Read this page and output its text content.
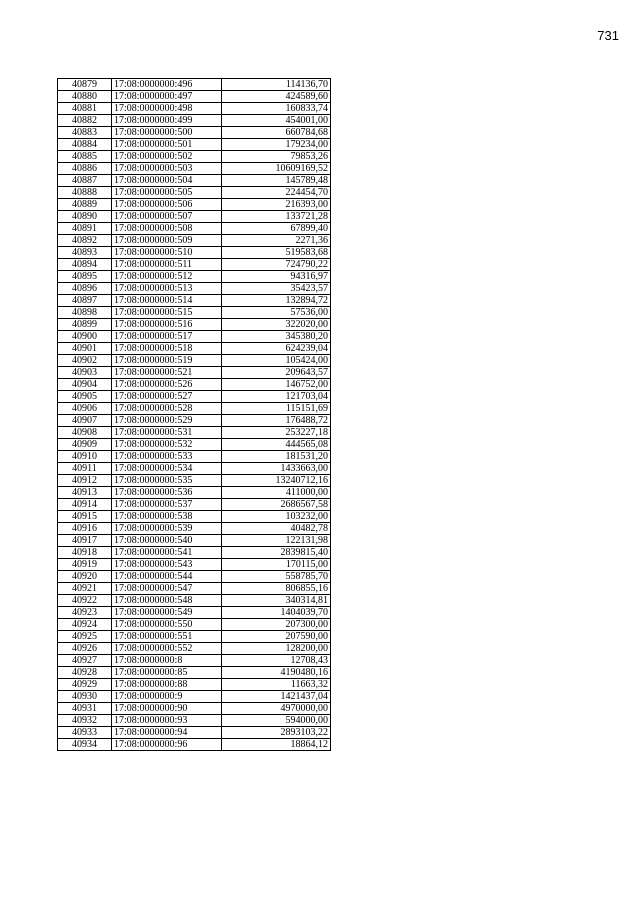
731
40879	17:08:0000000:496	114136,70
40880	17:08:0000000:497	424589,60
40881	17:08:0000000:498	160833,74
40882	17:08:0000000:499	454001,00
40883	17:08:0000000:500	660784,68
40884	17:08:0000000:501	179234,00
40885	17:08:0000000:502	79853,26
40886	17:08:0000000:503	10609169,52
40887	17:08:0000000:504	145789,48
40888	17:08:0000000:505	224454,70
40889	17:08:0000000:506	216393,00
40890	17:08:0000000:507	133721,28
40891	17:08:0000000:508	67899,40
40892	17:08:0000000:509	2271,36
40893	17:08:0000000:510	519583,68
40894	17:08:0000000:511	724790,22
40895	17:08:0000000:512	94316,97
40896	17:08:0000000:513	35423,57
40897	17:08:0000000:514	132894,72
40898	17:08:0000000:515	57536,00
40899	17:08:0000000:516	322020,00
40900	17:08:0000000:517	345380,20
40901	17:08:0000000:518	624239,04
40902	17:08:0000000:519	105424,00
40903	17:08:0000000:521	209643,57
40904	17:08:0000000:526	146752,00
40905	17:08:0000000:527	121703,04
40906	17:08:0000000:528	115151,69
40907	17:08:0000000:529	176488,72
40908	17:08:0000000:531	253227,18
40909	17:08:0000000:532	444565,08
40910	17:08:0000000:533	181531,20
40911	17:08:0000000:534	1433663,00
40912	17:08:0000000:535	13240712,16
40913	17:08:0000000:536	411000,00
40914	17:08:0000000:537	2686567,58
40915	17:08:0000000:538	103232,00
40916	17:08:0000000:539	40482,78
40917	17:08:0000000:540	122131,98
40918	17:08:0000000:541	2839815,40
40919	17:08:0000000:543	170115,00
40920	17:08:0000000:544	558785,70
40921	17:08:0000000:547	806855,16
40922	17:08:0000000:548	340314,81
40923	17:08:0000000:549	1404039,70
40924	17:08:0000000:550	207300,00
40925	17:08:0000000:551	207590,00
40926	17:08:0000000:552	128200,00
40927	17:08:0000000:8	12708,43
40928	17:08:0000000:85	4190480,16
40929	17:08:0000000:88	11663,32
40930	17:08:0000000:9	1421437,04
40931	17:08:0000000:90	4970000,00
40932	17:08:0000000:93	594000,00
40933	17:08:0000000:94	2893103,22
40934	17:08:0000000:96	18864,12
